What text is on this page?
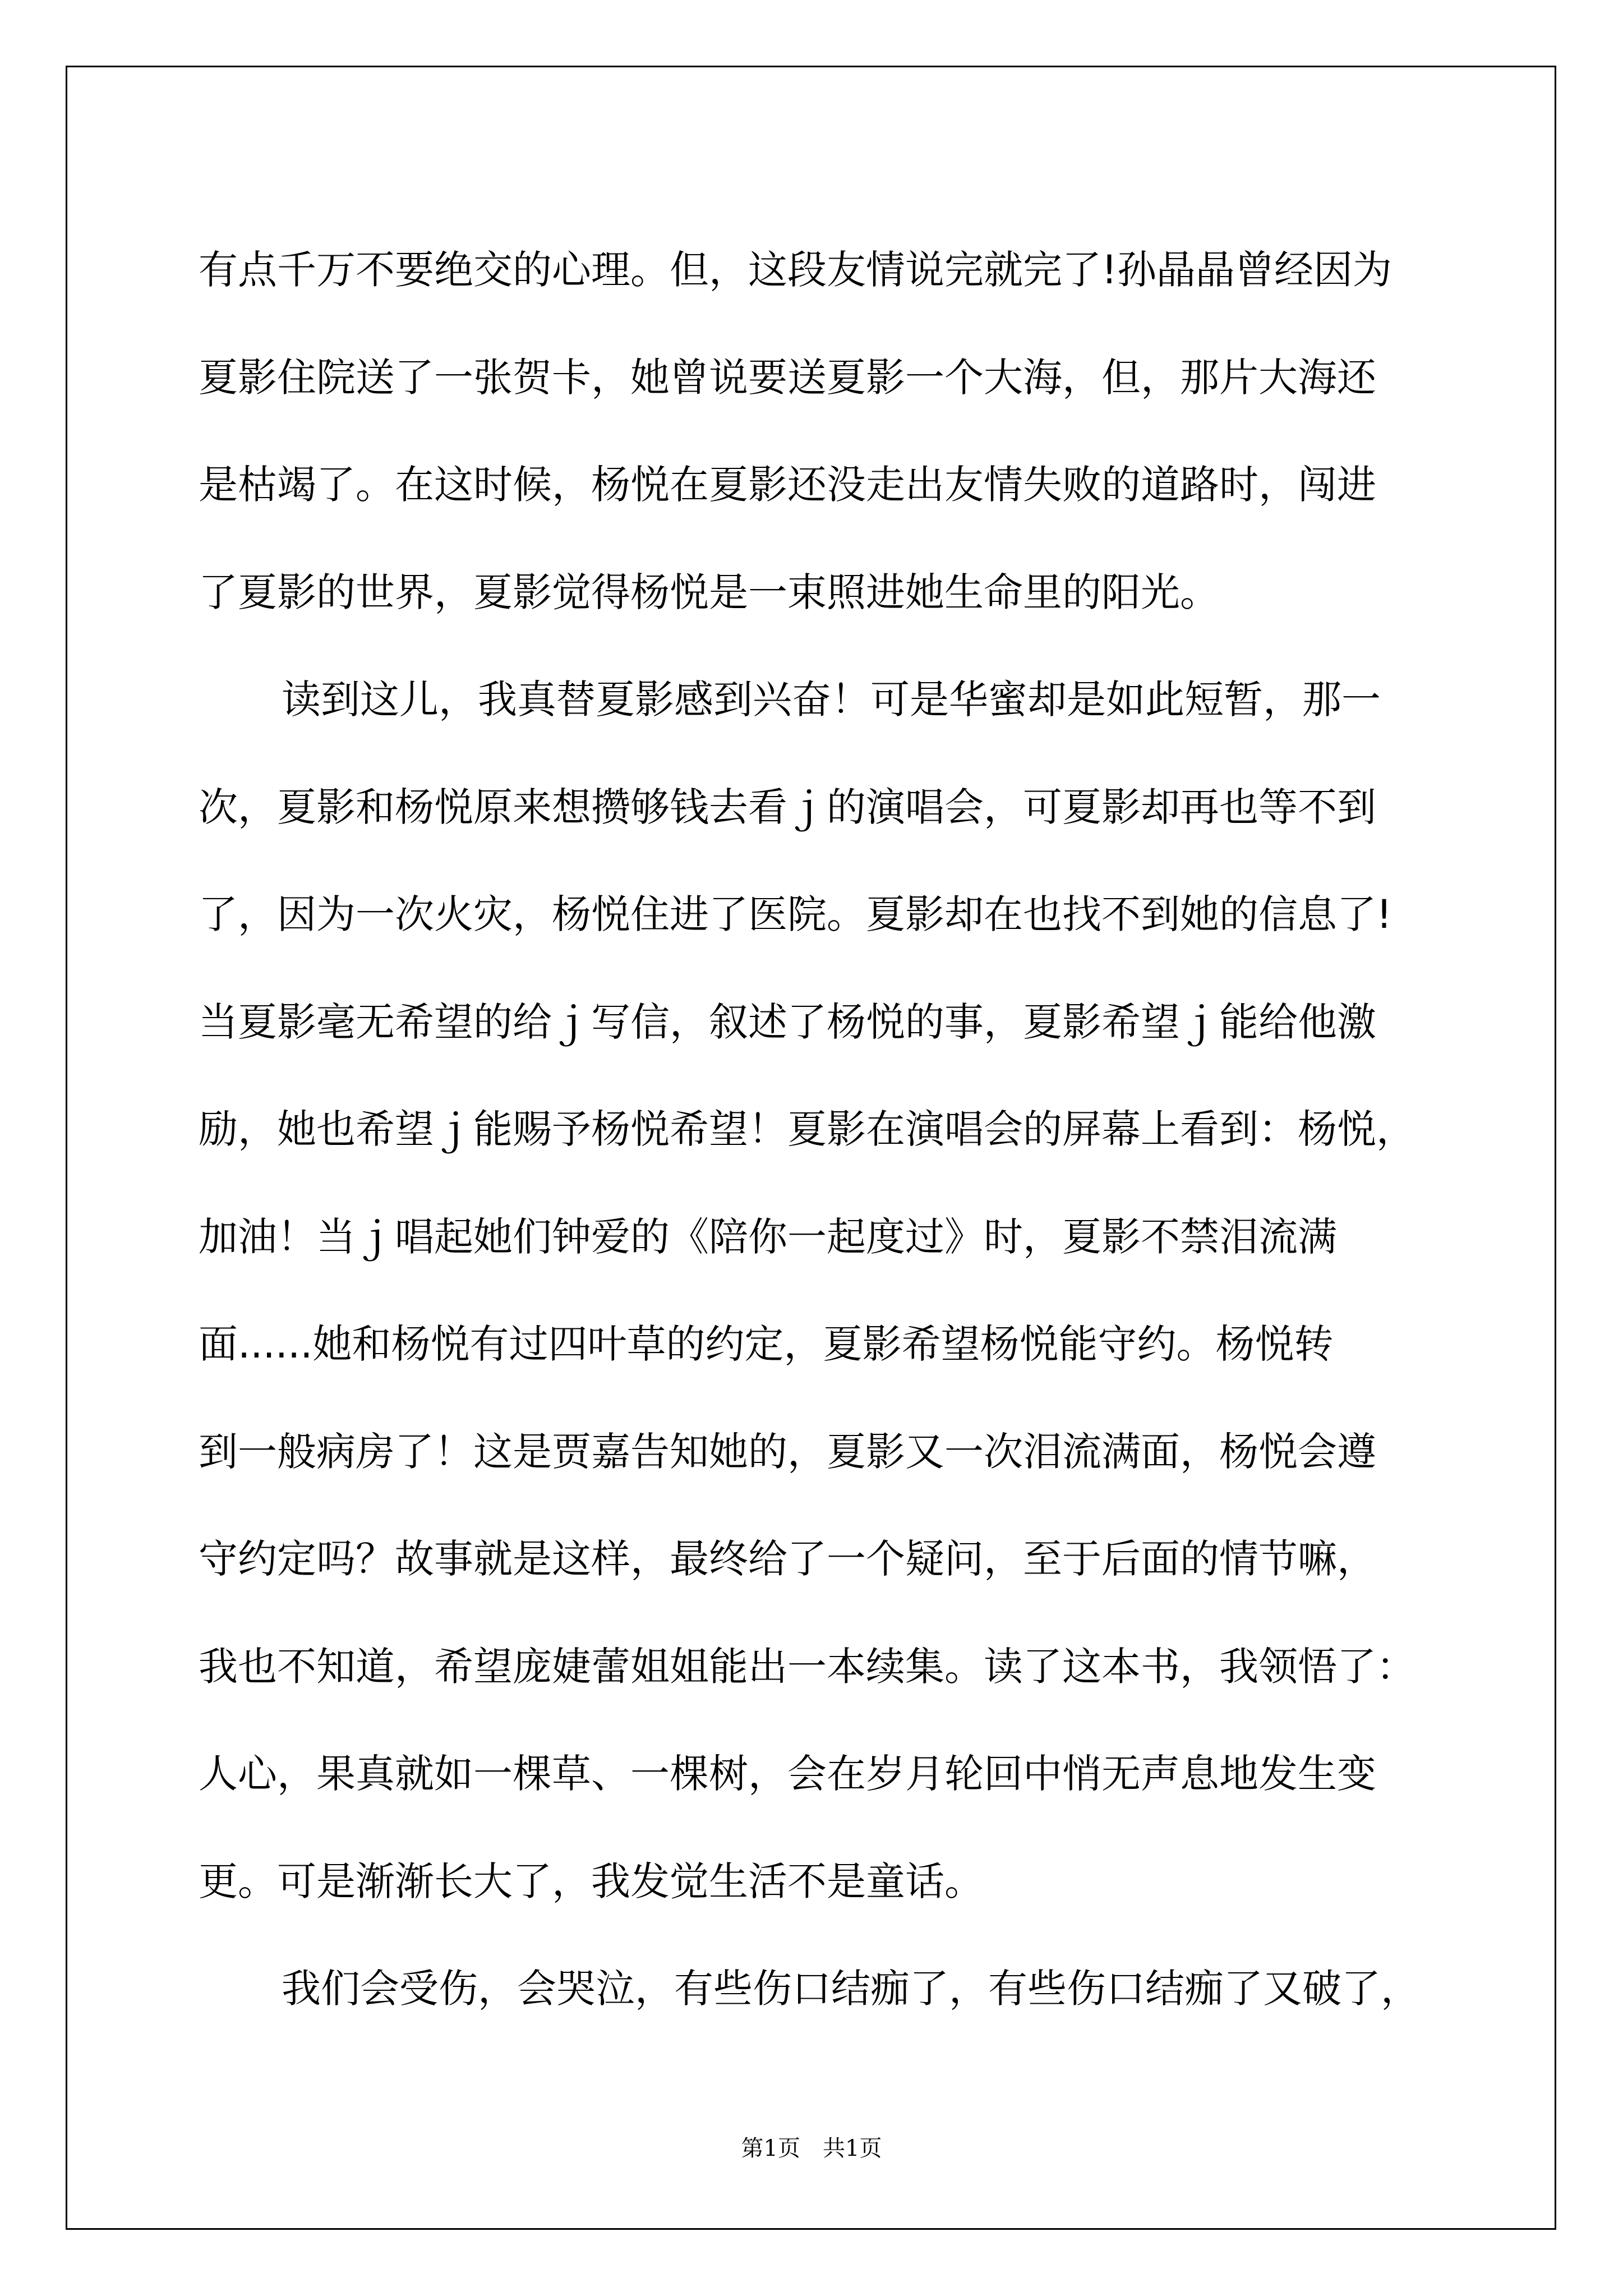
有点千万不要绝交的心理。但，这段友情说完就完了!孙晶晶曾经因为
夏影住院送了一张贺卡，她曾说要送夏影一个大海，但，那片大海还
是枯竭了。在这时候，杨悦在夏影还没走出友情失败的道路时，闯进
了夏影的世界，夏影觉得杨悦是一束照进她生命里的阳光。
读到这儿，我真替夏影感到兴奋！可是华蜜却是如此短暂，那一
次，夏影和杨悦原来想攒够钱去看ｊ的演唱会，可夏影却再也等不到
了，因为一次火灾，杨悦住进了医院。夏影却在也找不到她的信息了!
当夏影毫无希望的给ｊ写信，叙述了杨悦的事，夏影希望ｊ能给他激
励，她也希望ｊ能赐予杨悦希望！夏影在演唱会的屏幕上看到：杨悦，
加油！当ｊ唱起她们钟爱的《陪你一起度过》时，夏影不禁泪流满
面......她和杨悦有过四叶草的约定，夏影希望杨悦能守约。杨悦转
到一般病房了！这是贾嘉告知她的，夏影又一次泪流满面，杨悦会遵
守约定吗？故事就是这样，最终给了一个疑问，至于后面的情节嘛，
我也不知道，希望庞婕蕾姐姐能出一本续集。读了这本书，我领悟了：
人心，果真就如一棵草、一棵树，会在岁月轮回中悄无声息地发生变
更。可是渐渐长大了，我发觉生活不是童话。
我们会受伤，会哭泣，有些伤口结痂了，有些伤口结痂了又破了，
第1页　共1页
